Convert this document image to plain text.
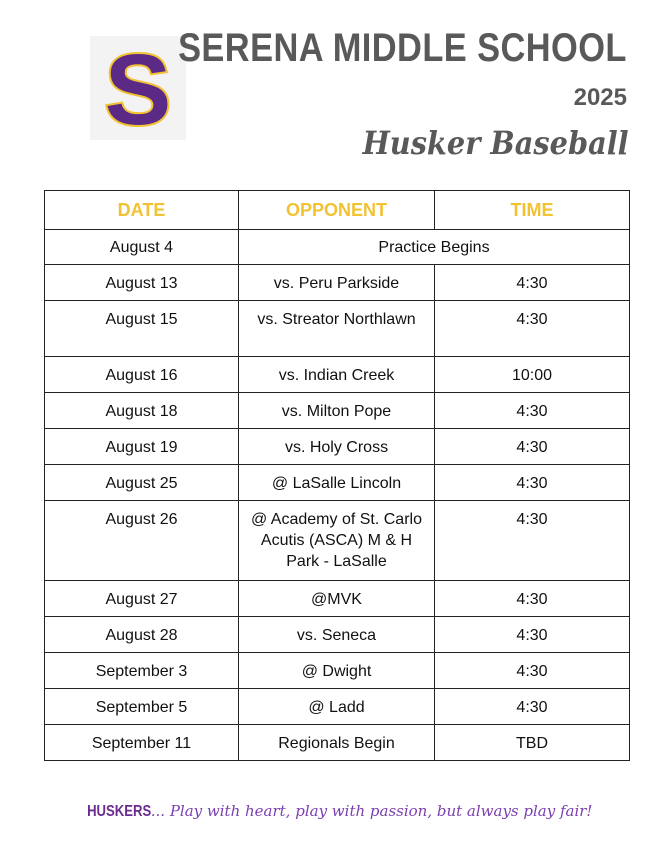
S SERENA MIDDLE SCHOOL
2025
Husker Baseball
DATE	OPPONENT	TIME
August 4	Practice Begins	
August 13	vs. Peru Parkside	4:30
August 15	vs. Streator Northlawn	4:30
August 16	vs. Indian Creek	10:00
August 18	vs. Milton Pope	4:30
August 19	vs. Holy Cross	4:30
August 25	@ LaSalle Lincoln	4:30
August 26	@ Academy of St. Carlo Acutis (ASCA) M & H Park - LaSalle	4:30
August 27	@MVK	4:30
August 28	vs. Seneca	4:30
September 3	@ Dwight	4:30
September 5	@ Ladd	4:30
September 11	Regionals Begin	TBD
HUSKERS... Play with heart, play with passion, but always play fair!
